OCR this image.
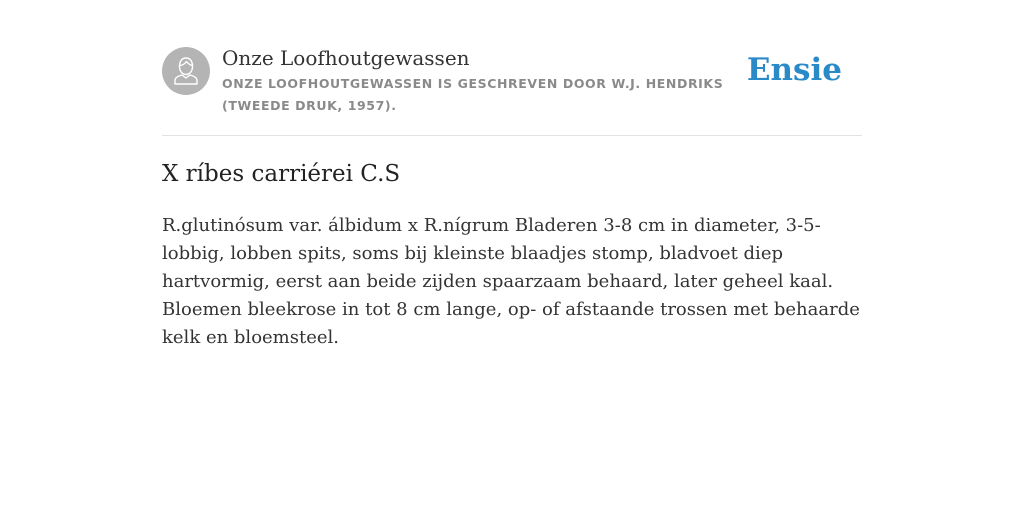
Onze Loofhoutgewassen
ONZE LOOFHOUTGEWASSEN IS GESCHREVEN DOOR W.J. HENDRIKS (TWEEDE DRUK, 1957).
Ensie
X ríbes carriérei C.S

R.glutinósum var. álbidum x R.nígrum Bladeren 3-8 cm in diameter, 3-5-lobbig, lobben spits, soms bij kleinste blaadjes stomp, bladvoet diep hartvormig, eerst aan beide zijden spaarzaam behaard, later geheel kaal. Bloemen bleekrose in tot 8 cm lange, op- of afstaande trossen met behaarde kelk en bloemsteel.
